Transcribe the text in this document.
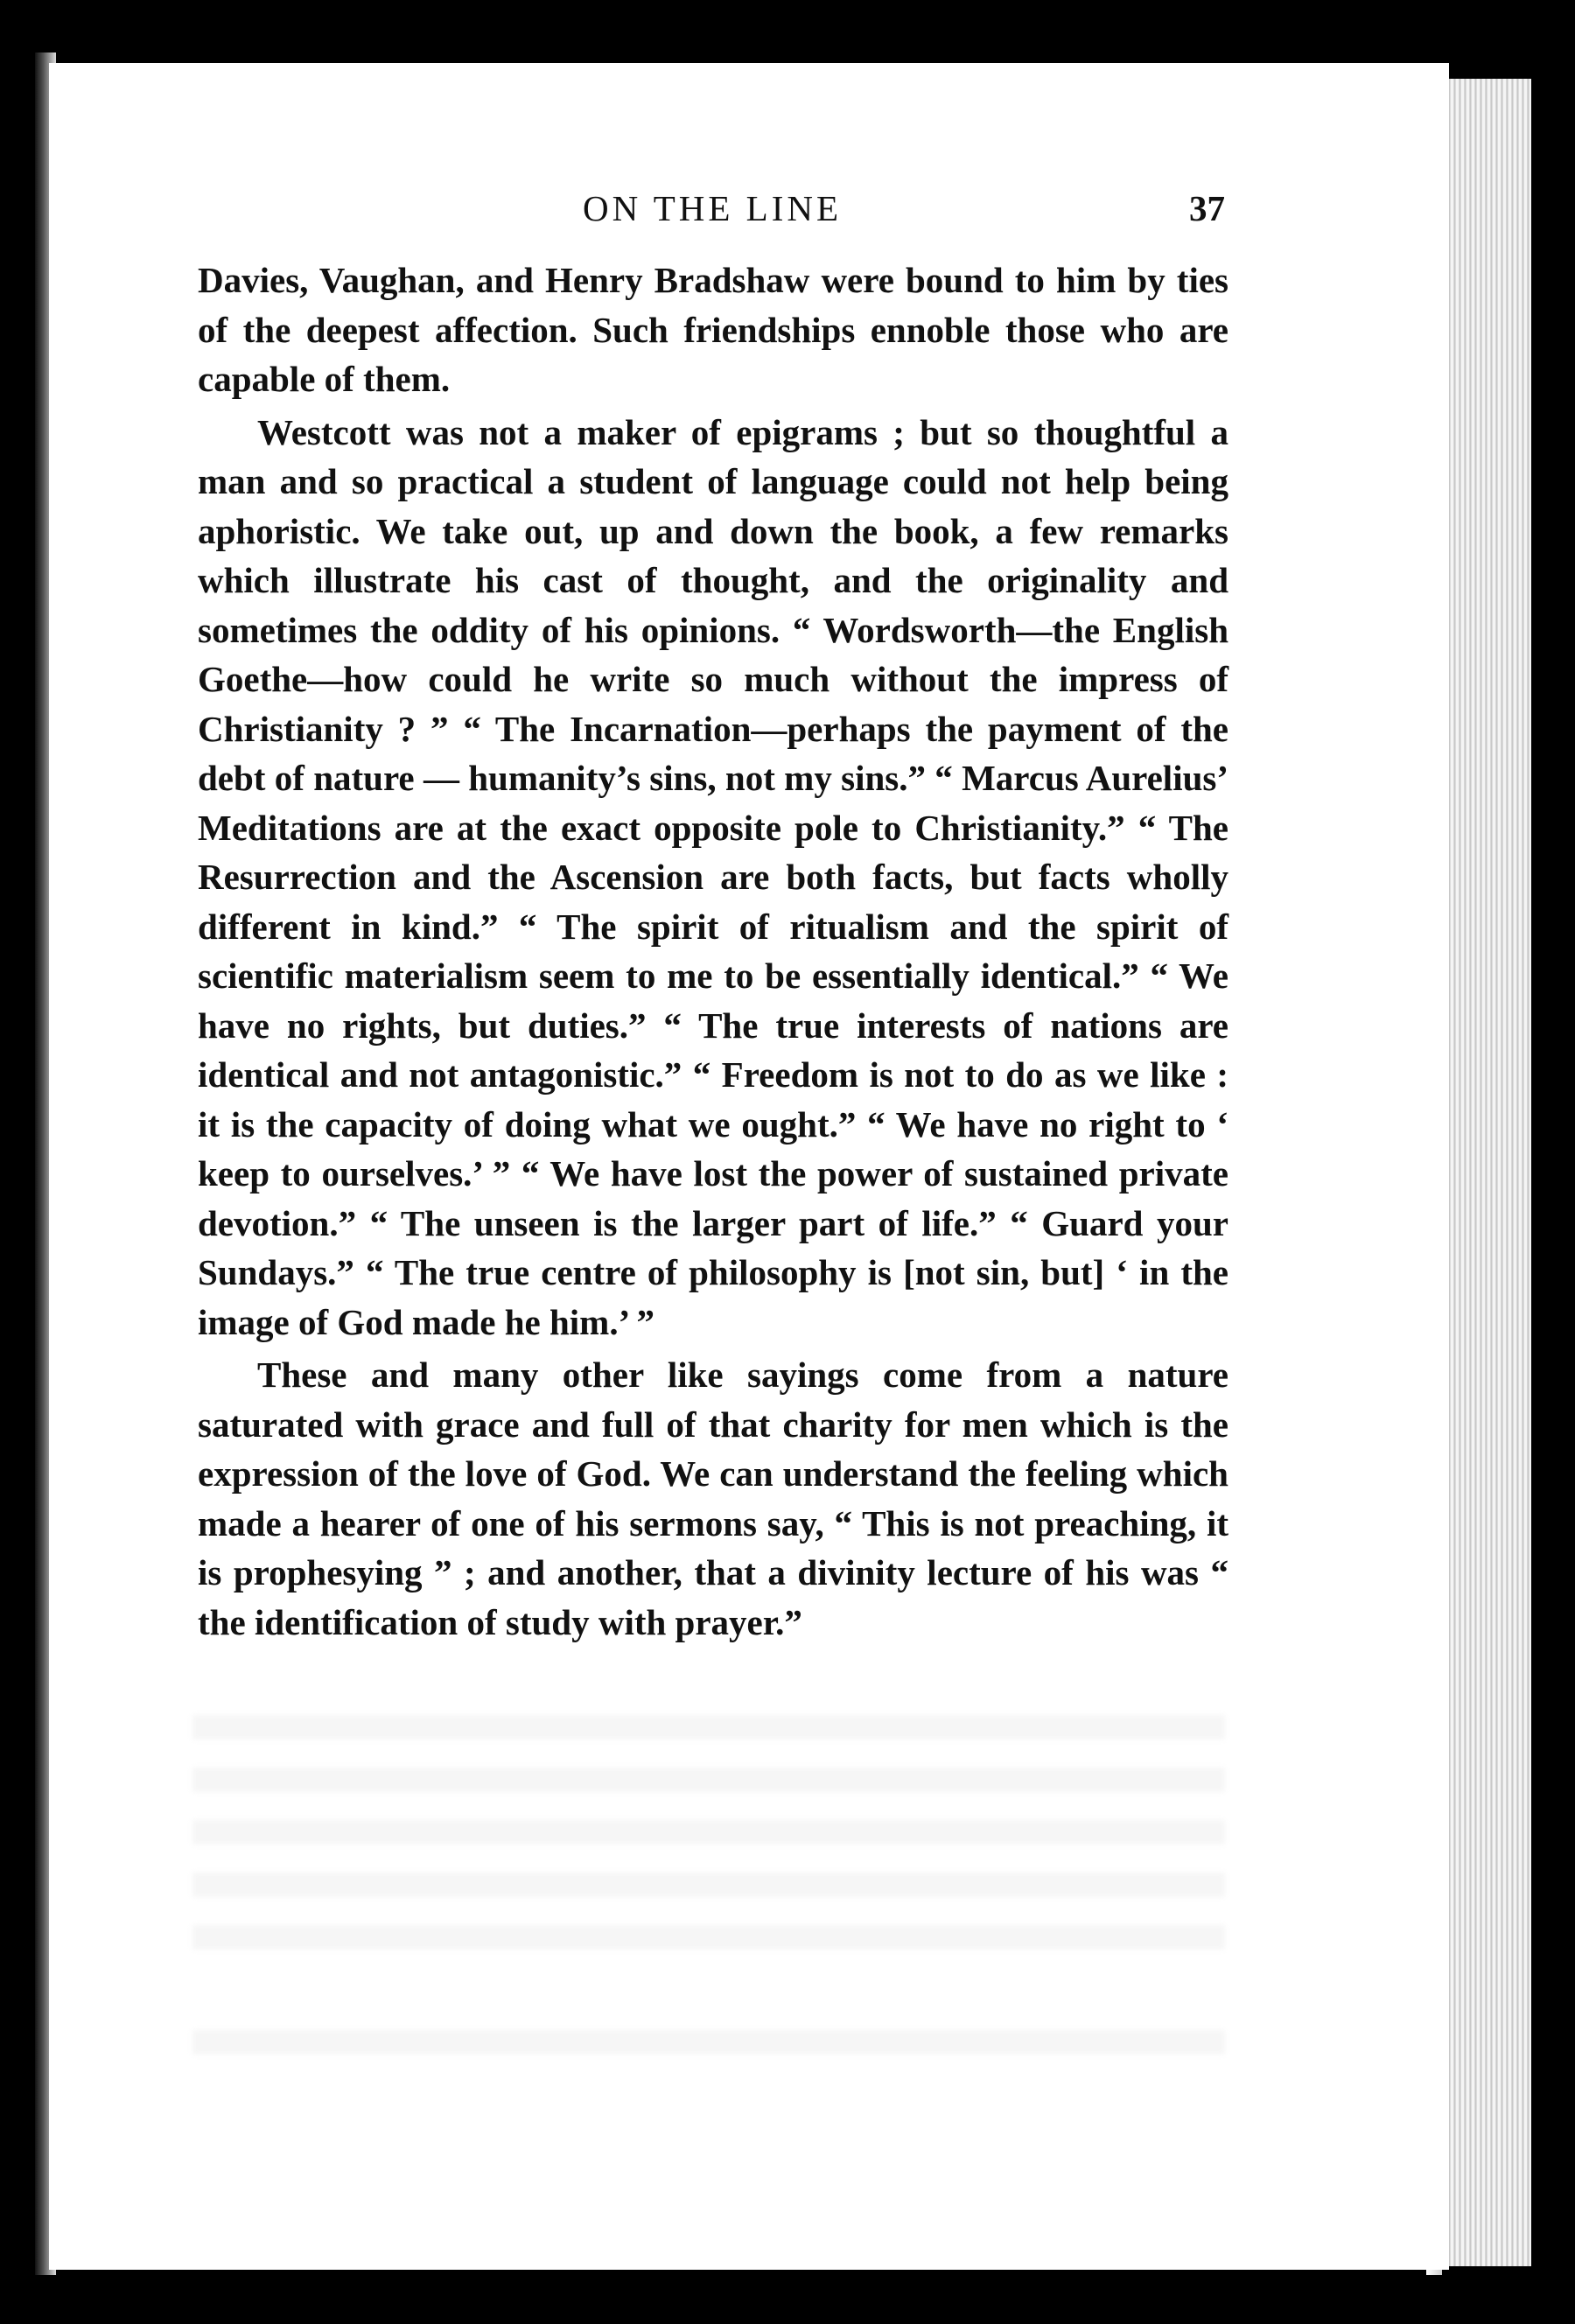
ON THE LINE	37

Davies, Vaughan, and Henry Bradshaw were bound to him by ties of the deepest affection. Such friendships ennoble those who are capable of them.

Westcott was not a maker of epigrams ; but so thoughtful a man and so practical a student of language could not help being aphoristic. We take out, up and down the book, a few remarks which illustrate his cast of thought, and the originality and sometimes the oddity of his opinions. “ Wordsworth—the English Goethe—how could he write so much without the impress of Christianity ? ” “ The Incarnation—perhaps the payment of the debt of nature — humanity’s sins, not my sins.” “ Marcus Aurelius’ Meditations are at the exact opposite pole to Christianity.” “ The Resurrection and the Ascension are both facts, but facts wholly different in kind.” “ The spirit of ritualism and the spirit of scientific materialism seem to me to be essentially identical.” “ We have no rights, but duties.” “ The true interests of nations are identical and not antagonistic.” “ Freedom is not to do as we like : it is the capacity of doing what we ought.” “ We have no right to ‘ keep to ourselves.’ ” “ We have lost the power of sustained private devotion.” “ The unseen is the larger part of life.” “ Guard your Sundays.” “ The true centre of philosophy is [not sin, but] ‘ in the image of God made he him.’ ”

These and many other like sayings come from a nature saturated with grace and full of that charity for men which is the expression of the love of God. We can understand the feeling which made a hearer of one of his sermons say, “ This is not preaching, it is prophesying ” ; and another, that a divinity lecture of his was “ the identification of study with prayer.”
